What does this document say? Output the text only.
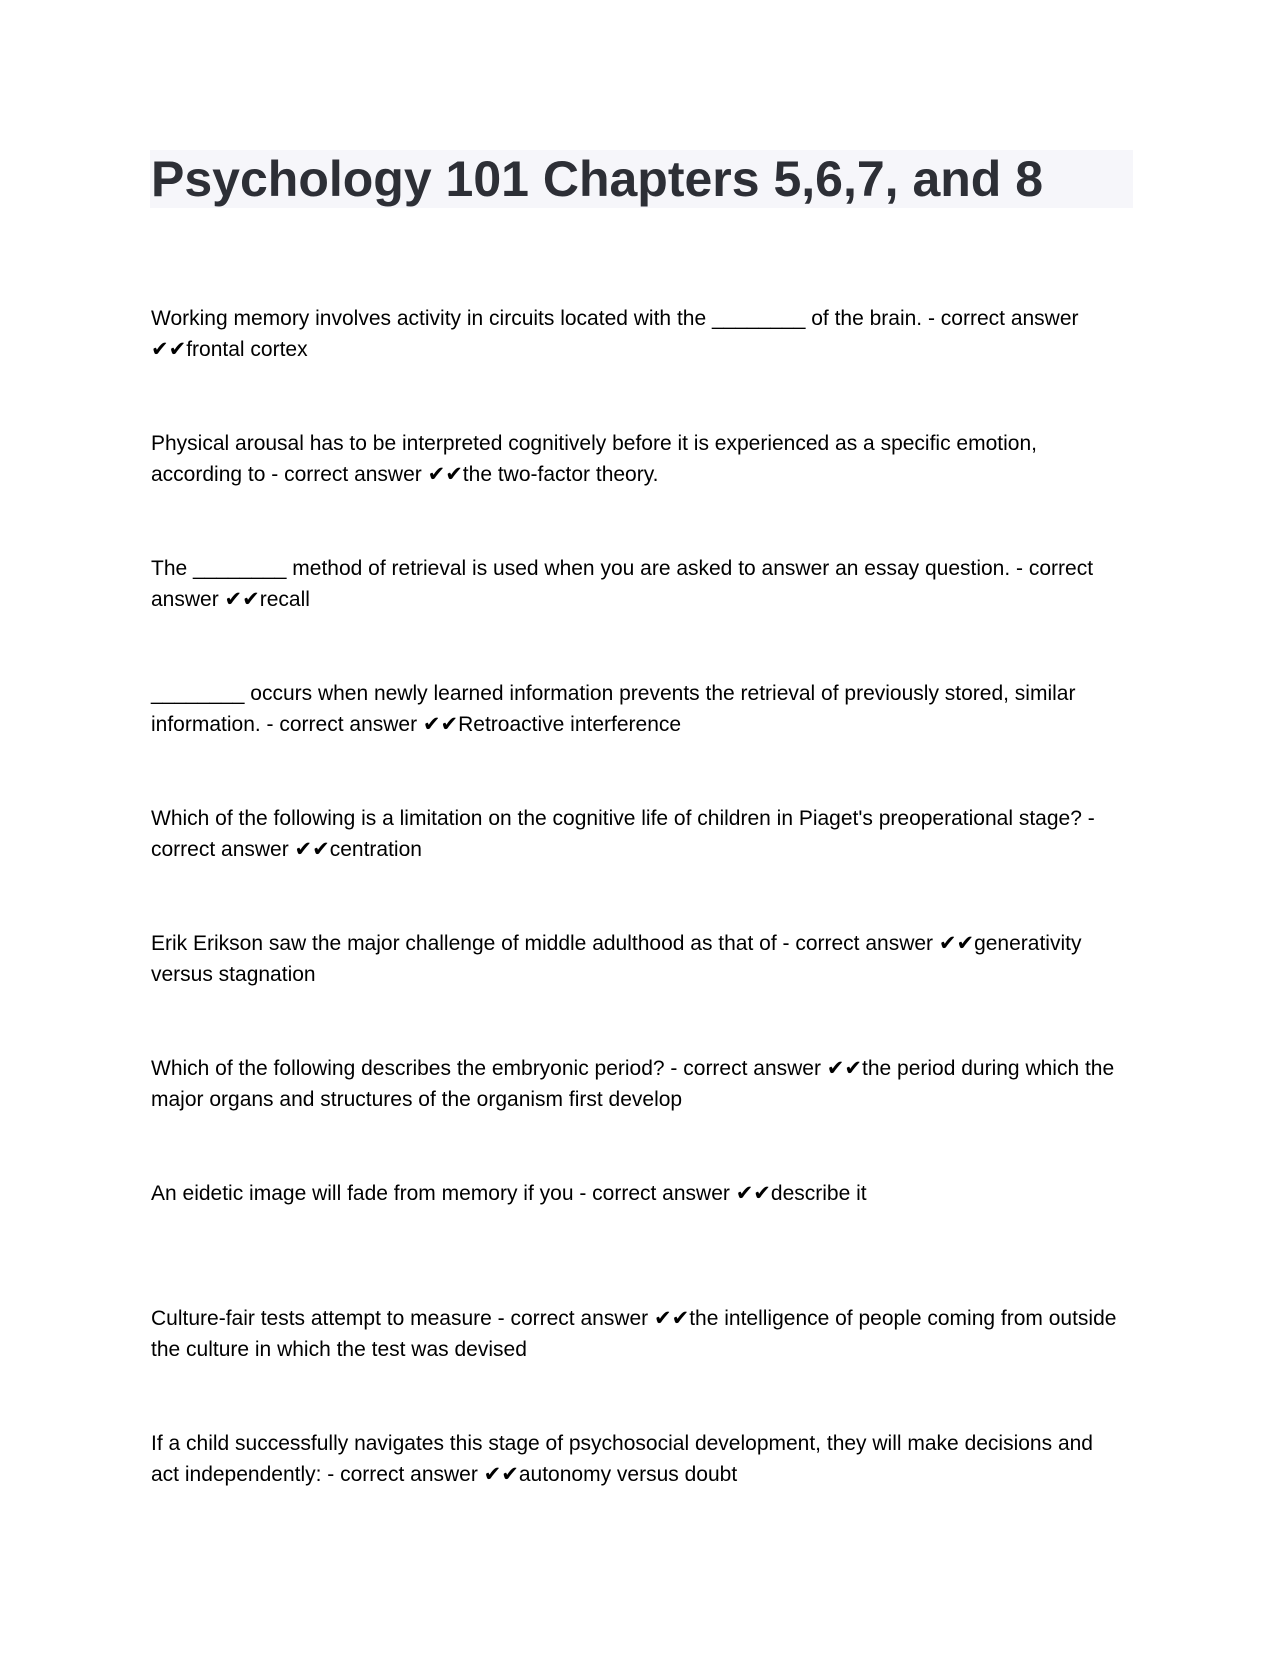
Psychology 101 Chapters 5,6,7, and 8

Working memory involves activity in circuits located with the ________ of the brain. - correct answer ✔✔frontal cortex

Physical arousal has to be interpreted cognitively before it is experienced as a specific emotion, according to - correct answer ✔✔the two-factor theory.

The ________ method of retrieval is used when you are asked to answer an essay question. - correct answer ✔✔recall

________ occurs when newly learned information prevents the retrieval of previously stored, similar information. - correct answer ✔✔Retroactive interference

Which of the following is a limitation on the cognitive life of children in Piaget's preoperational stage? - correct answer ✔✔centration

Erik Erikson saw the major challenge of middle adulthood as that of - correct answer ✔✔generativity versus stagnation

Which of the following describes the embryonic period? - correct answer ✔✔the period during which the major organs and structures of the organism first develop

An eidetic image will fade from memory if you - correct answer ✔✔describe it

Culture-fair tests attempt to measure - correct answer ✔✔the intelligence of people coming from outside the culture in which the test was devised

If a child successfully navigates this stage of psychosocial development, they will make decisions and act independently: - correct answer ✔✔autonomy versus doubt
